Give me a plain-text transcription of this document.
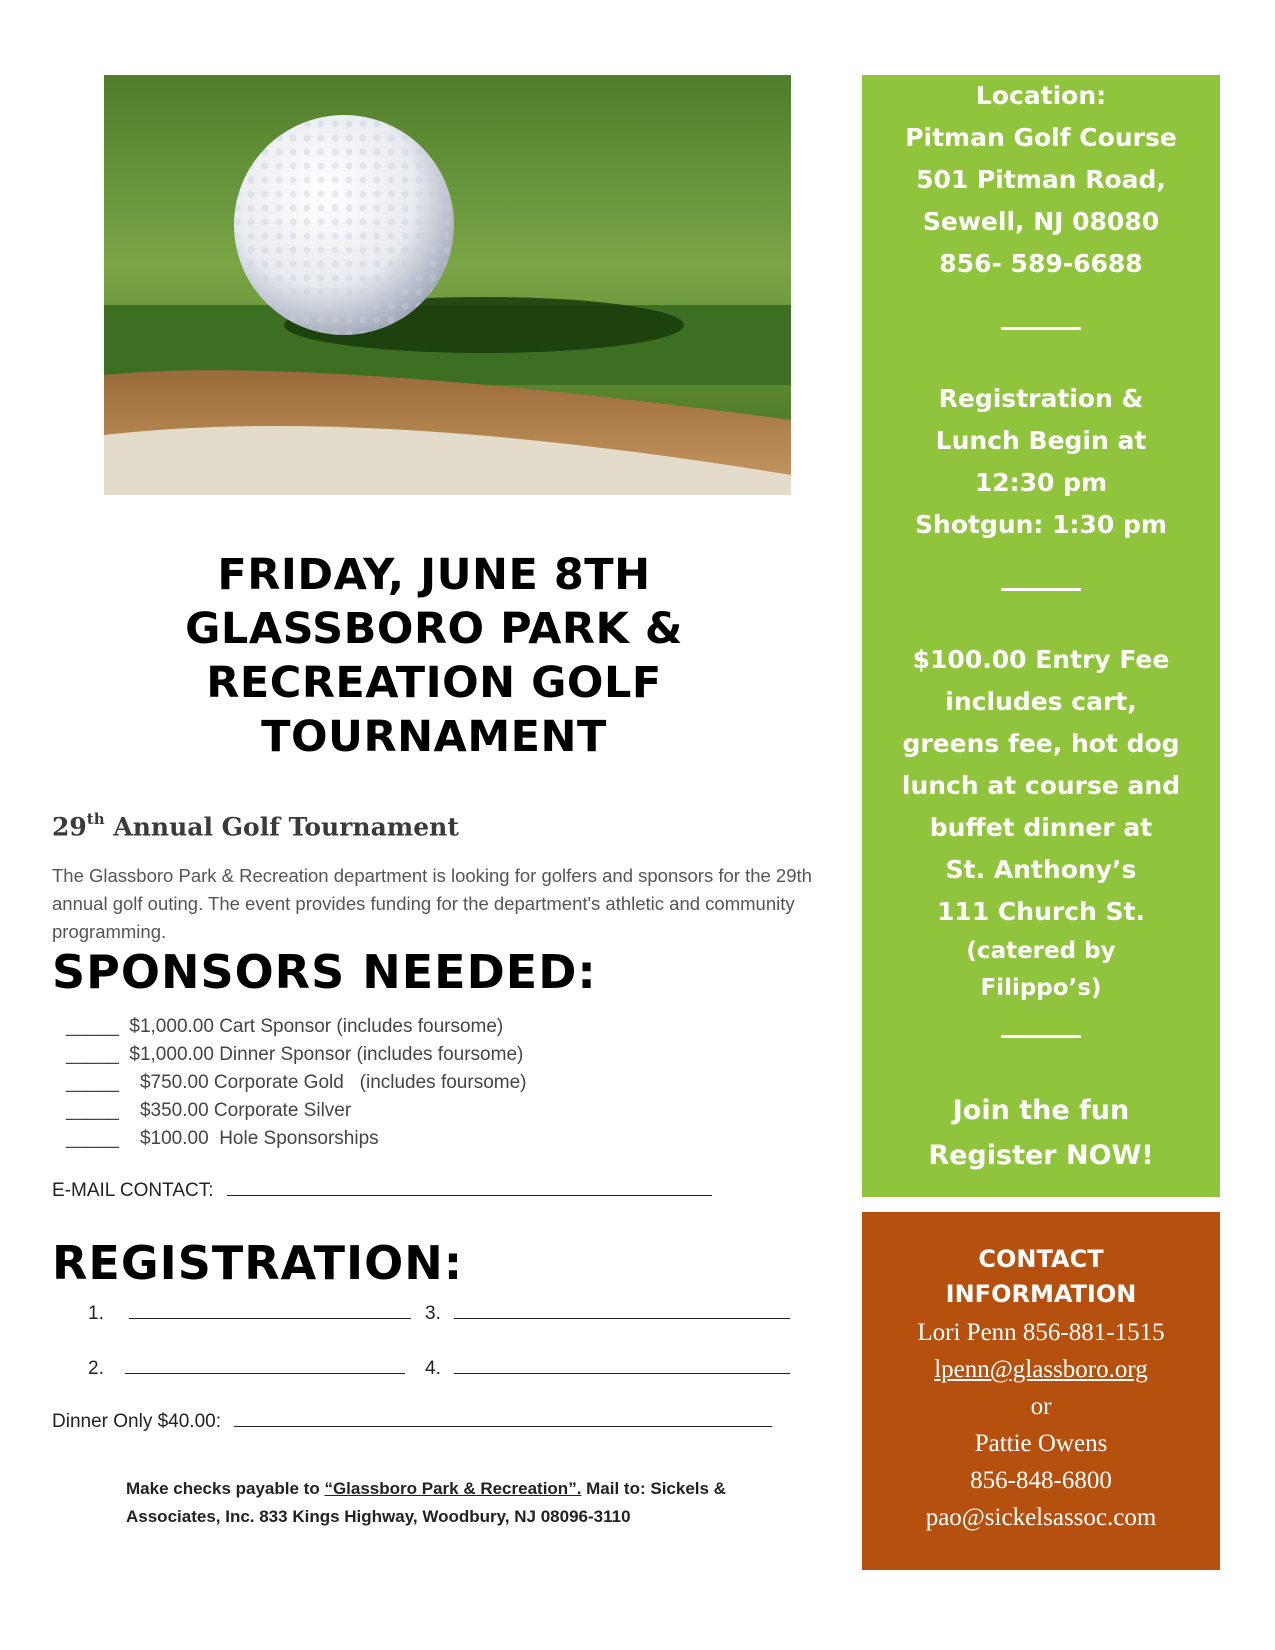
FRIDAY, JUNE 8TH
GLASSBORO PARK &
RECREATION GOLF
TOURNAMENT
29th Annual Golf Tournament
The Glassboro Park & Recreation department is looking for golfers and sponsors for the 29th annual golf outing. The event provides funding for the department's athletic and community programming.
SPONSORS NEEDED:
_____  $1,000.00 Cart Sponsor (includes foursome)
_____  $1,000.00 Dinner Sponsor (includes foursome)
_____    $750.00 Corporate Gold   (includes foursome)
_____    $350.00 Corporate Silver
_____    $100.00  Hole Sponsorships
E-MAIL CONTACT:
REGISTRATION:
1.	3.
2.	4.
Dinner Only $40.00:
Make checks payable to “Glassboro Park & Recreation”. Mail to: Sickels & Associates, Inc. 833 Kings Highway, Woodbury, NJ 08096-3110
Location:
Pitman Golf Course
501 Pitman Road,
Sewell, NJ 08080
856- 589-6688
Registration &
Lunch Begin at
12:30 pm
Shotgun: 1:30 pm
$100.00 Entry Fee
includes cart,
greens fee, hot dog
lunch at course and
buffet dinner at
St. Anthony’s
111 Church St.
(catered by
Filippo’s)
Join the fun
Register NOW!
CONTACT
INFORMATION
Lori Penn 856-881-1515
lpenn@glassboro.org
or
Pattie Owens
856-848-6800
pao@sickelsassoc.com
